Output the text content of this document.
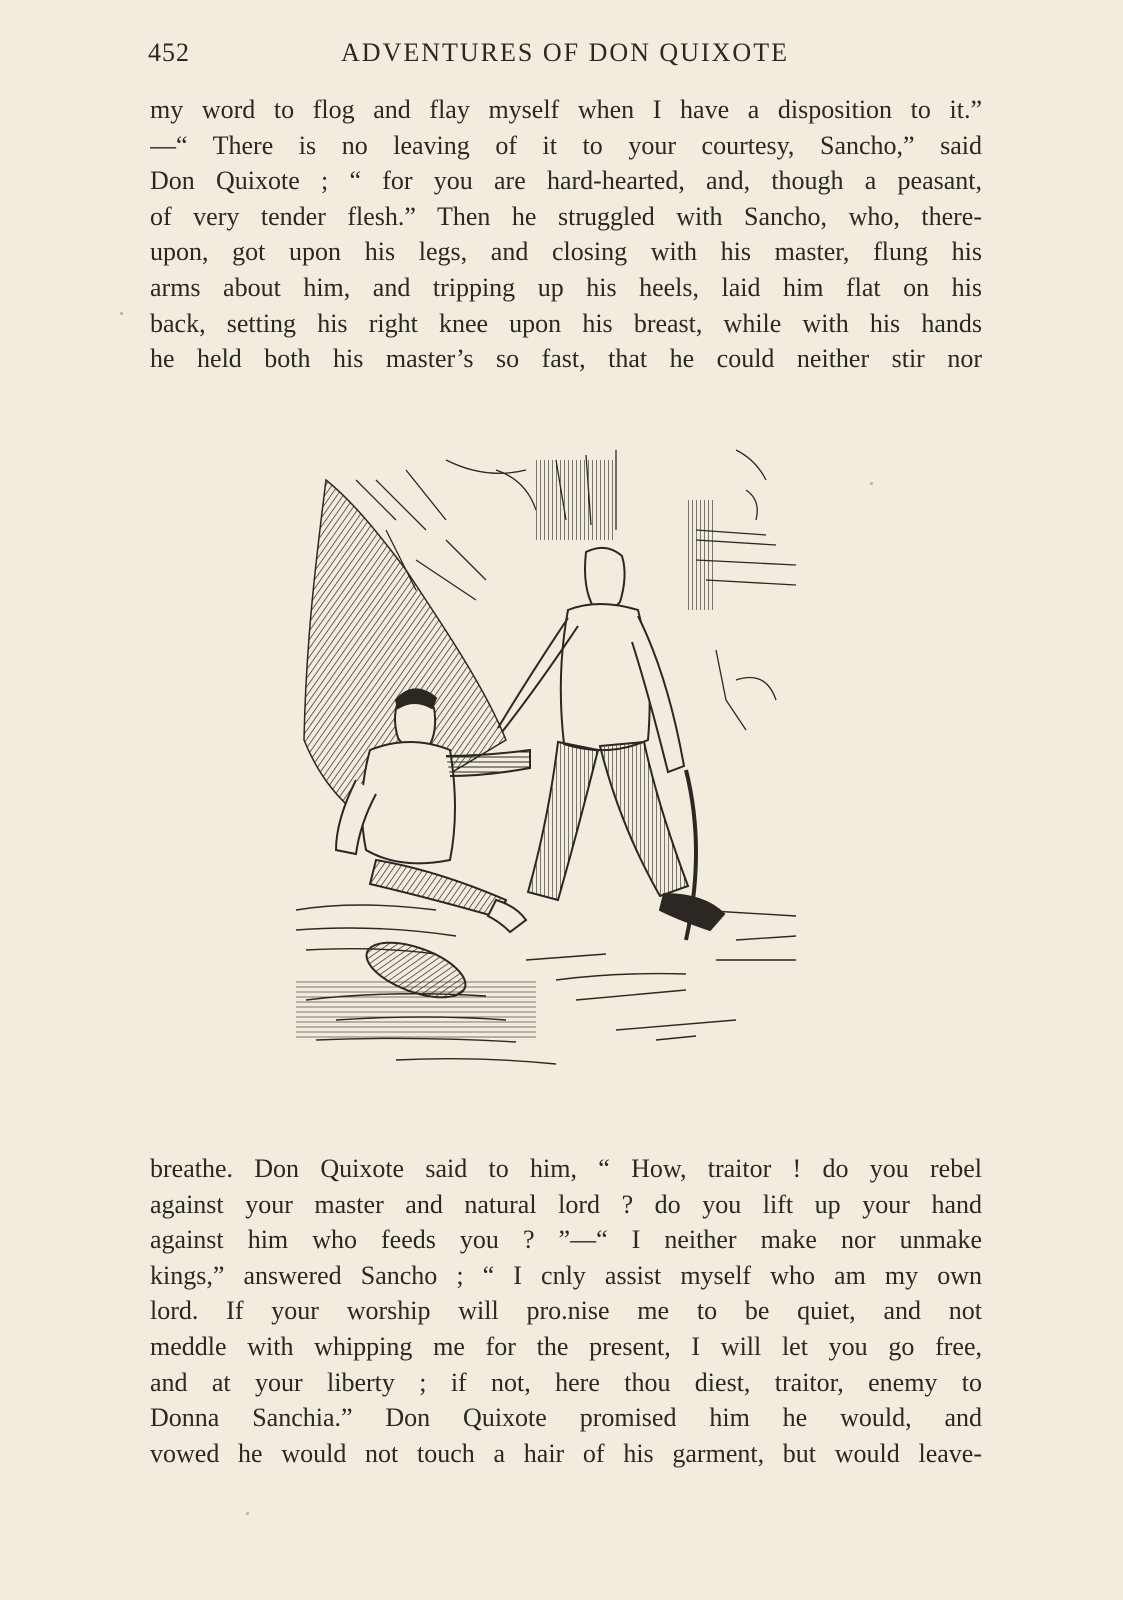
452	ADVENTURES OF DON QUIXOTE
my word to flog and flay myself when I have a disposition to it.”
—“ There is no leaving of it to your courtesy, Sancho,” said
Don Quixote ; “ for you are hard-hearted, and, though a peasant,
of very tender flesh.” Then he struggled with Sancho, who, there-
upon, got upon his legs, and closing with his master, flung his
arms about him, and tripping up his heels, laid him flat on his
back, setting his right knee upon his breast, while with his hands
he held both his master’s so fast, that he could neither stir nor
breathe. Don Quixote said to him, “ How, traitor ! do you rebel
against your master and natural lord ? do you lift up your hand
against him who feeds you ? ”—“ I neither make nor unmake
kings,” answered Sancho ; “ I cnly assist myself who am my own
lord. If your worship will pro.nise me to be quiet, and not
meddle with whipping me for the present, I will let you go free,
and at your liberty ; if not, here thou diest, traitor, enemy to
Donna Sanchia.” Don Quixote promised him he would, and
vowed he would not touch a hair of his garment, but would leave-
